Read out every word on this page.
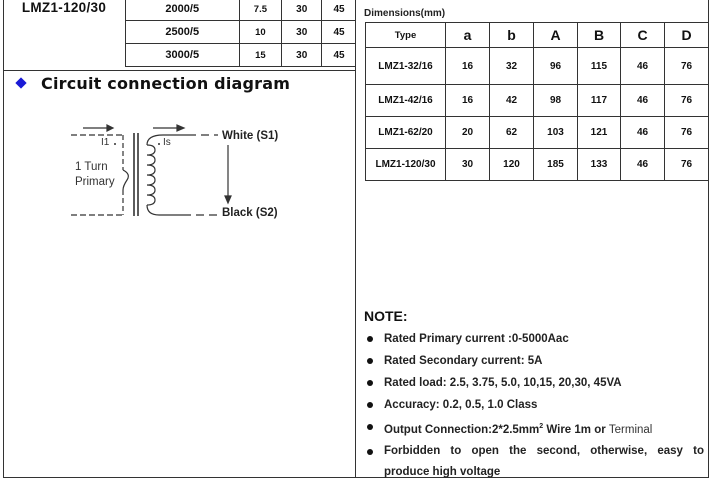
LMZ1-120/30	2000/5	7.5	30	45
2500/5	10	30	45
3000/5	15	30	45
Circuit connection diagram
I1	Is
1 Turn
Primary
White (S1)
Black (S2)
Dimensions(mm)
Type	a	b	A	B	C	D
LMZ1-32/16	16	32	96	115	46	76
LMZ1-42/16	16	42	98	117	46	76
LMZ1-62/20	20	62	103	121	46	76
LMZ1-120/30	30	120	185	133	46	76
NOTE:
Rated Primary current :0-5000Aac
Rated Secondary current: 5A
Rated load: 2.5, 3.75, 5.0, 10,15, 20,30, 45VA
Accuracy: 0.2, 0.5, 1.0 Class
Output $Connection:2*2.5mm^2$ Wire 1m or Terminal
Forbidden to open the second, otherwise, easy to
produce high voltage
